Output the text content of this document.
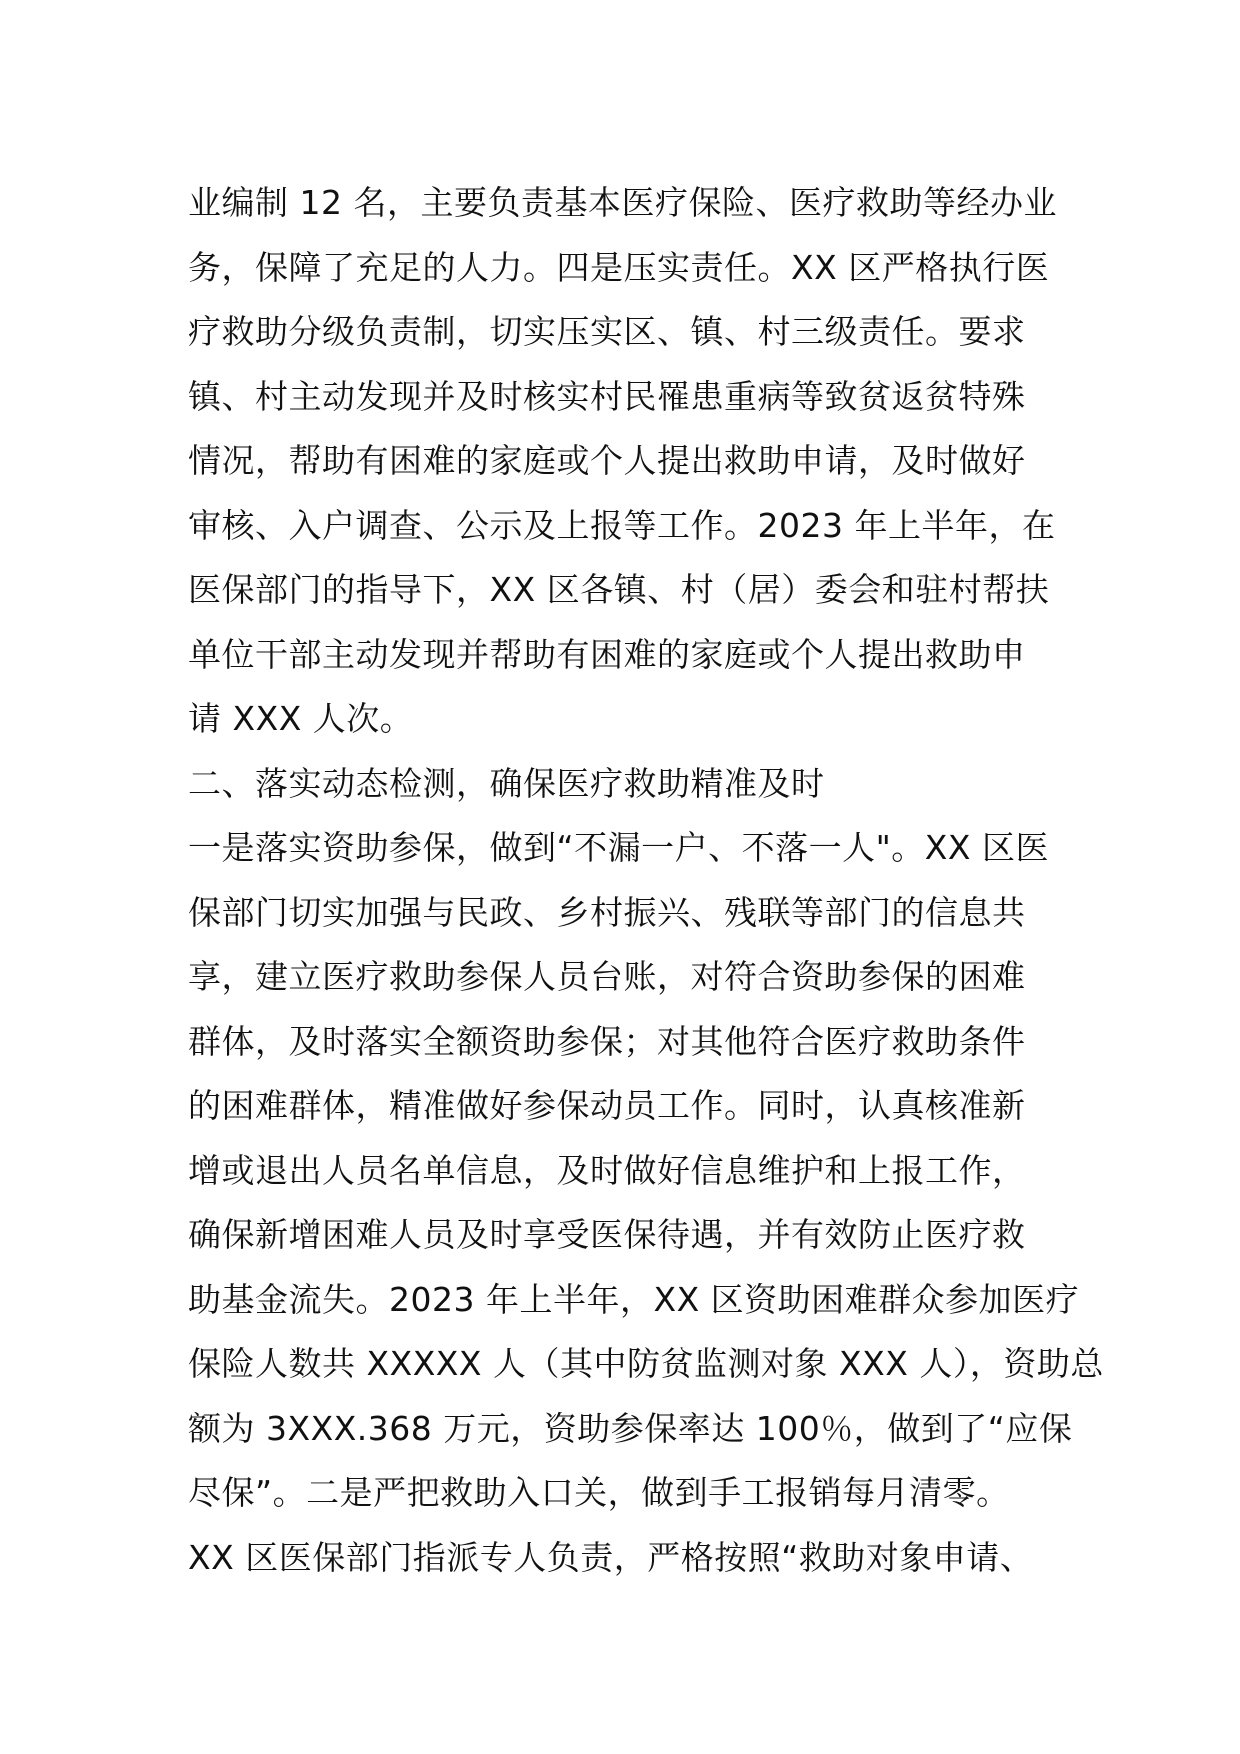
业编制 12 名，主要负责基本医疗保险、医疗救助等经办业
务，保障了充足的人力。四是压实责任。XX 区严格执行医
疗救助分级负责制，切实压实区、镇、村三级责任。要求
镇、村主动发现并及时核实村民罹患重病等致贫返贫特殊
情况，帮助有困难的家庭或个人提出救助申请，及时做好
审核、入户调查、公示及上报等工作。2023 年上半年，在
医保部门的指导下，XX 区各镇、村（居）委会和驻村帮扶
单位干部主动发现并帮助有困难的家庭或个人提出救助申
请 XXX 人次。
二、落实动态检测，确保医疗救助精准及时
一是落实资助参保，做到“不漏一户、不落一人"。XX 区医
保部门切实加强与民政、乡村振兴、残联等部门的信息共
享，建立医疗救助参保人员台账，对符合资助参保的困难
群体，及时落实全额资助参保；对其他符合医疗救助条件
的困难群体，精准做好参保动员工作。同时，认真核准新
增或退出人员名单信息，及时做好信息维护和上报工作，
确保新增困难人员及时享受医保待遇，并有效防止医疗救
助基金流失。2023 年上半年，XX 区资助困难群众参加医疗
保险人数共 XXXXX 人（其中防贫监测对象 XXX 人），资助总
额为 3XXX.368 万元，资助参保率达 100％，做到了“应保
尽保”。二是严把救助入口关，做到手工报销每月清零。
XX 区医保部门指派专人负责，严格按照“救助对象申请、
